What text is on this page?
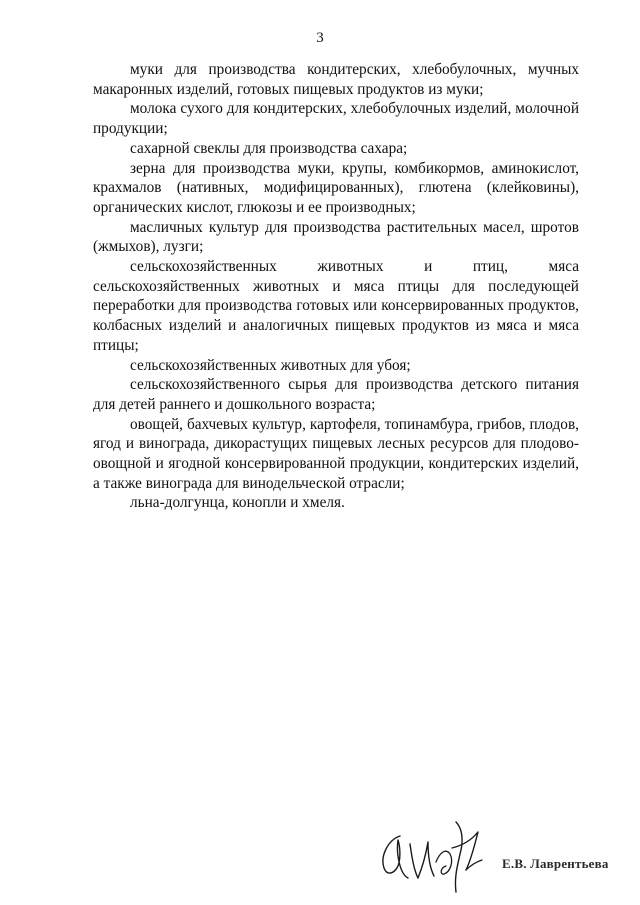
3

муки для производства кондитерских, хлебобулочных, мучных макаронных изделий, готовых пищевых продуктов из муки;

молока сухого для кондитерских, хлебобулочных изделий, молочной продукции;

сахарной свеклы для производства сахара;

зерна для производства муки, крупы, комбикормов, аминокислот, крахмалов (нативных, модифицированных), глютена (клейковины), органических кислот, глюкозы и ее производных;

масличных культур для производства растительных масел, шротов (жмыхов), лузги;

сельскохозяйственных животных и птиц, мяса сельскохозяйственных животных и мяса птицы для последующей переработки для производства готовых или консервированных продуктов, колбасных изделий и аналогичных пищевых продуктов из мяса и мяса птицы;

сельскохозяйственных животных для убоя;

сельскохозяйственного сырья для производства детского питания для детей раннего и дошкольного возраста;

овощей, бахчевых культур, картофеля, топинамбура, грибов, плодов, ягод и винограда, дикорастущих пищевых лесных ресурсов для плодово-овощной и ягодной консервированной продукции, кондитерских изделий, а также винограда для винодельческой отрасли;

льна-долгунца, конопли и хмеля.

Е.В. Лаврентьева
